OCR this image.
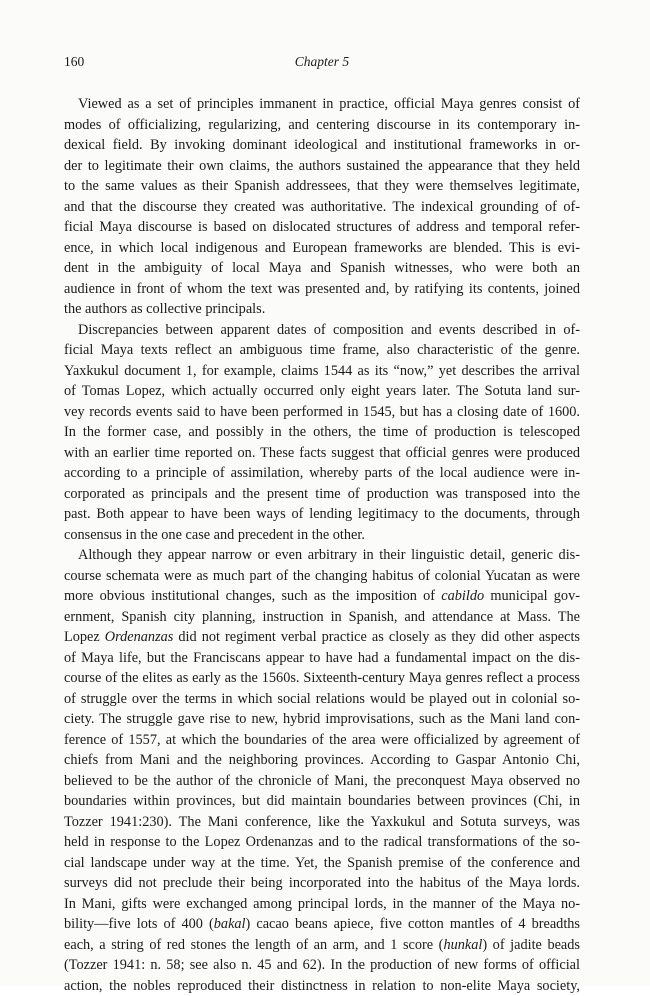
160	Chapter 5
Viewed as a set of principles immanent in practice, official Maya genres consist of
modes of officializing, regularizing, and centering discourse in its contemporary in-
dexical field. By invoking dominant ideological and institutional frameworks in or-
der to legitimate their own claims, the authors sustained the appearance that they held
to the same values as their Spanish addressees, that they were themselves legitimate,
and that the discourse they created was authoritative. The indexical grounding of of-
ficial Maya discourse is based on dislocated structures of address and temporal refer-
ence, in which local indigenous and European frameworks are blended. This is evi-
dent in the ambiguity of local Maya and Spanish witnesses, who were both an
audience in front of whom the text was presented and, by ratifying its contents, joined
the authors as collective principals.
Discrepancies between apparent dates of composition and events described in of-
ficial Maya texts reflect an ambiguous time frame, also characteristic of the genre.
Yaxkukul document 1, for example, claims 1544 as its “now,” yet describes the arrival
of Tomas Lopez, which actually occurred only eight years later. The Sotuta land sur-
vey records events said to have been performed in 1545, but has a closing date of 1600.
In the former case, and possibly in the others, the time of production is telescoped
with an earlier time reported on. These facts suggest that official genres were produced
according to a principle of assimilation, whereby parts of the local audience were in-
corporated as principals and the present time of production was transposed into the
past. Both appear to have been ways of lending legitimacy to the documents, through
consensus in the one case and precedent in the other.
Although they appear narrow or even arbitrary in their linguistic detail, generic dis-
course schemata were as much part of the changing habitus of colonial Yucatan as were
more obvious institutional changes, such as the imposition of cabildo municipal gov-
ernment, Spanish city planning, instruction in Spanish, and attendance at Mass. The
Lopez Ordenanzas did not regiment verbal practice as closely as they did other aspects
of Maya life, but the Franciscans appear to have had a fundamental impact on the dis-
course of the elites as early as the 1560s. Sixteenth-century Maya genres reflect a process
of struggle over the terms in which social relations would be played out in colonial so-
ciety. The struggle gave rise to new, hybrid improvisations, such as the Mani land con-
ference of 1557, at which the boundaries of the area were officialized by agreement of
chiefs from Mani and the neighboring provinces. According to Gaspar Antonio Chi,
believed to be the author of the chronicle of Mani, the preconquest Maya observed no
boundaries within provinces, but did maintain boundaries between provinces (Chi, in
Tozzer 1941:230). The Mani conference, like the Yaxkukul and Sotuta surveys, was
held in response to the Lopez Ordenanzas and to the radical transformations of the so-
cial landscape under way at the time. Yet, the Spanish premise of the conference and
surveys did not preclude their being incorporated into the habitus of the Maya lords.
In Mani, gifts were exchanged among principal lords, in the manner of the Maya no-
bility—five lots of 400 (bakal) cacao beans apiece, five cotton mantles of 4 breadths
each, a string of red stones the length of an arm, and 1 score (hunkal) of jadite beads
(Tozzer 1941: n. 58; see also n. 45 and 62). In the production of new forms of official
action, the nobles reproduced their distinctness in relation to non-elite Maya society,
